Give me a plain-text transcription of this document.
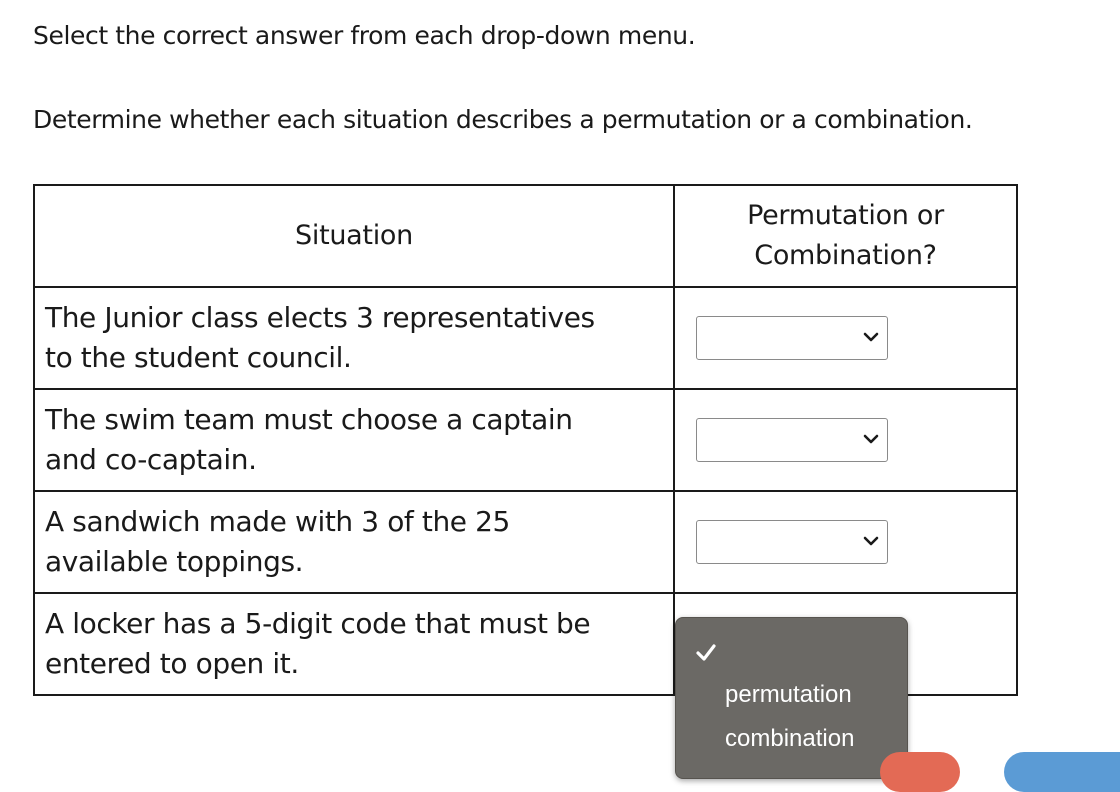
Select the correct answer from each drop-down menu.

Determine whether each situation describes a permutation or a combination.

Situation	Permutation or
Combination?
The Junior class elects 3 representatives
to the student council.	

The swim team must choose a captain
and co-captain.	

A sandwich made with 3 of the 25
available toppings.	

A locker has a 5-digit code that must be
entered to open it.	
permutation
combination
